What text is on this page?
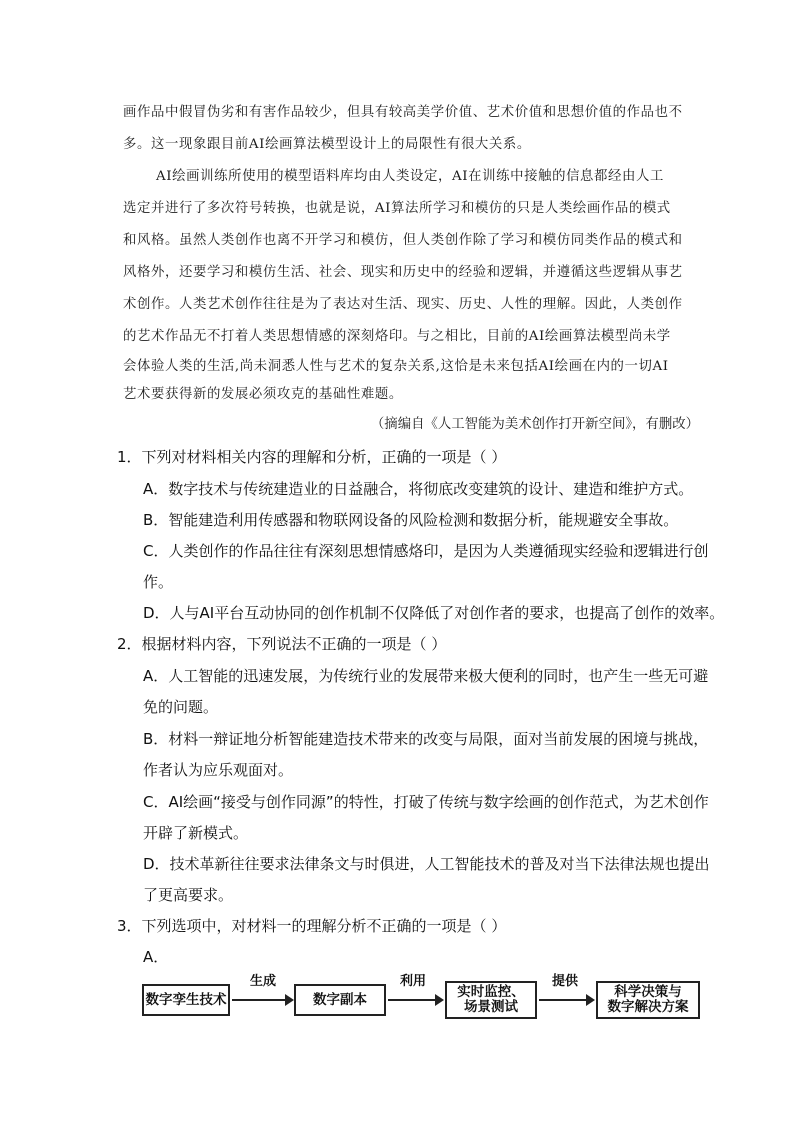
画作品中假冒伪劣和有害作品较少，但具有较高美学价值、艺术价值和思想价值的作品也不
多。这一现象跟目前AI绘画算法模型设计上的局限性有很大关系。
AI绘画训练所使用的模型语料库均由人类设定，AI在训练中接触的信息都经由人工
选定并进行了多次符号转换，也就是说，AI算法所学习和模仿的只是人类绘画作品的模式
和风格。虽然人类创作也离不开学习和模仿，但人类创作除了学习和模仿同类作品的模式和
风格外，还要学习和模仿生活、社会、现实和历史中的经验和逻辑，并遵循这些逻辑从事艺
术创作。人类艺术创作往往是为了表达对生活、现实、历史、人性的理解。因此，人类创作
的艺术作品无不打着人类思想情感的深刻烙印。与之相比，目前的AI绘画算法模型尚未学
会体验人类的生活,尚未洞悉人性与艺术的复杂关系,这恰是未来包括AI绘画在内的一切AI
艺术要获得新的发展必须攻克的基础性难题。
（摘编自《人工智能为美术创作打开新空间》，有删改）
1．下列对材料相关内容的理解和分析，正确的一项是（ ）
A．数字技术与传统建造业的日益融合，将彻底改变建筑的设计、建造和维护方式。
B．智能建造利用传感器和物联网设备的风险检测和数据分析，能规避安全事故。
C．人类创作的作品往往有深刻思想情感烙印，是因为人类遵循现实经验和逻辑进行创
作。
D．人与AI平台互动协同的创作机制不仅降低了对创作者的要求，也提高了创作的效率。
2．根据材料内容，下列说法不正确的一项是（ ）
A．人工智能的迅速发展，为传统行业的发展带来极大便利的同时，也产生一些无可避
免的问题。
B．材料一辩证地分析智能建造技术带来的改变与局限，面对当前发展的困境与挑战，
作者认为应乐观面对。
C．AI绘画“接受与创作同源”的特性，打破了传统与数字绘画的创作范式，为艺术创作
开辟了新模式。
D．技术革新往往要求法律条文与时俱进，人工智能技术的普及对当下法律法规也提出
了更高要求。
3．下列选项中，对材料一的理解分析不正确的一项是（ ）
A．
数字孪生技术
生成
数字副本
利用
实时监控、
场景测试
提供
科学决策与
数字解决方案
